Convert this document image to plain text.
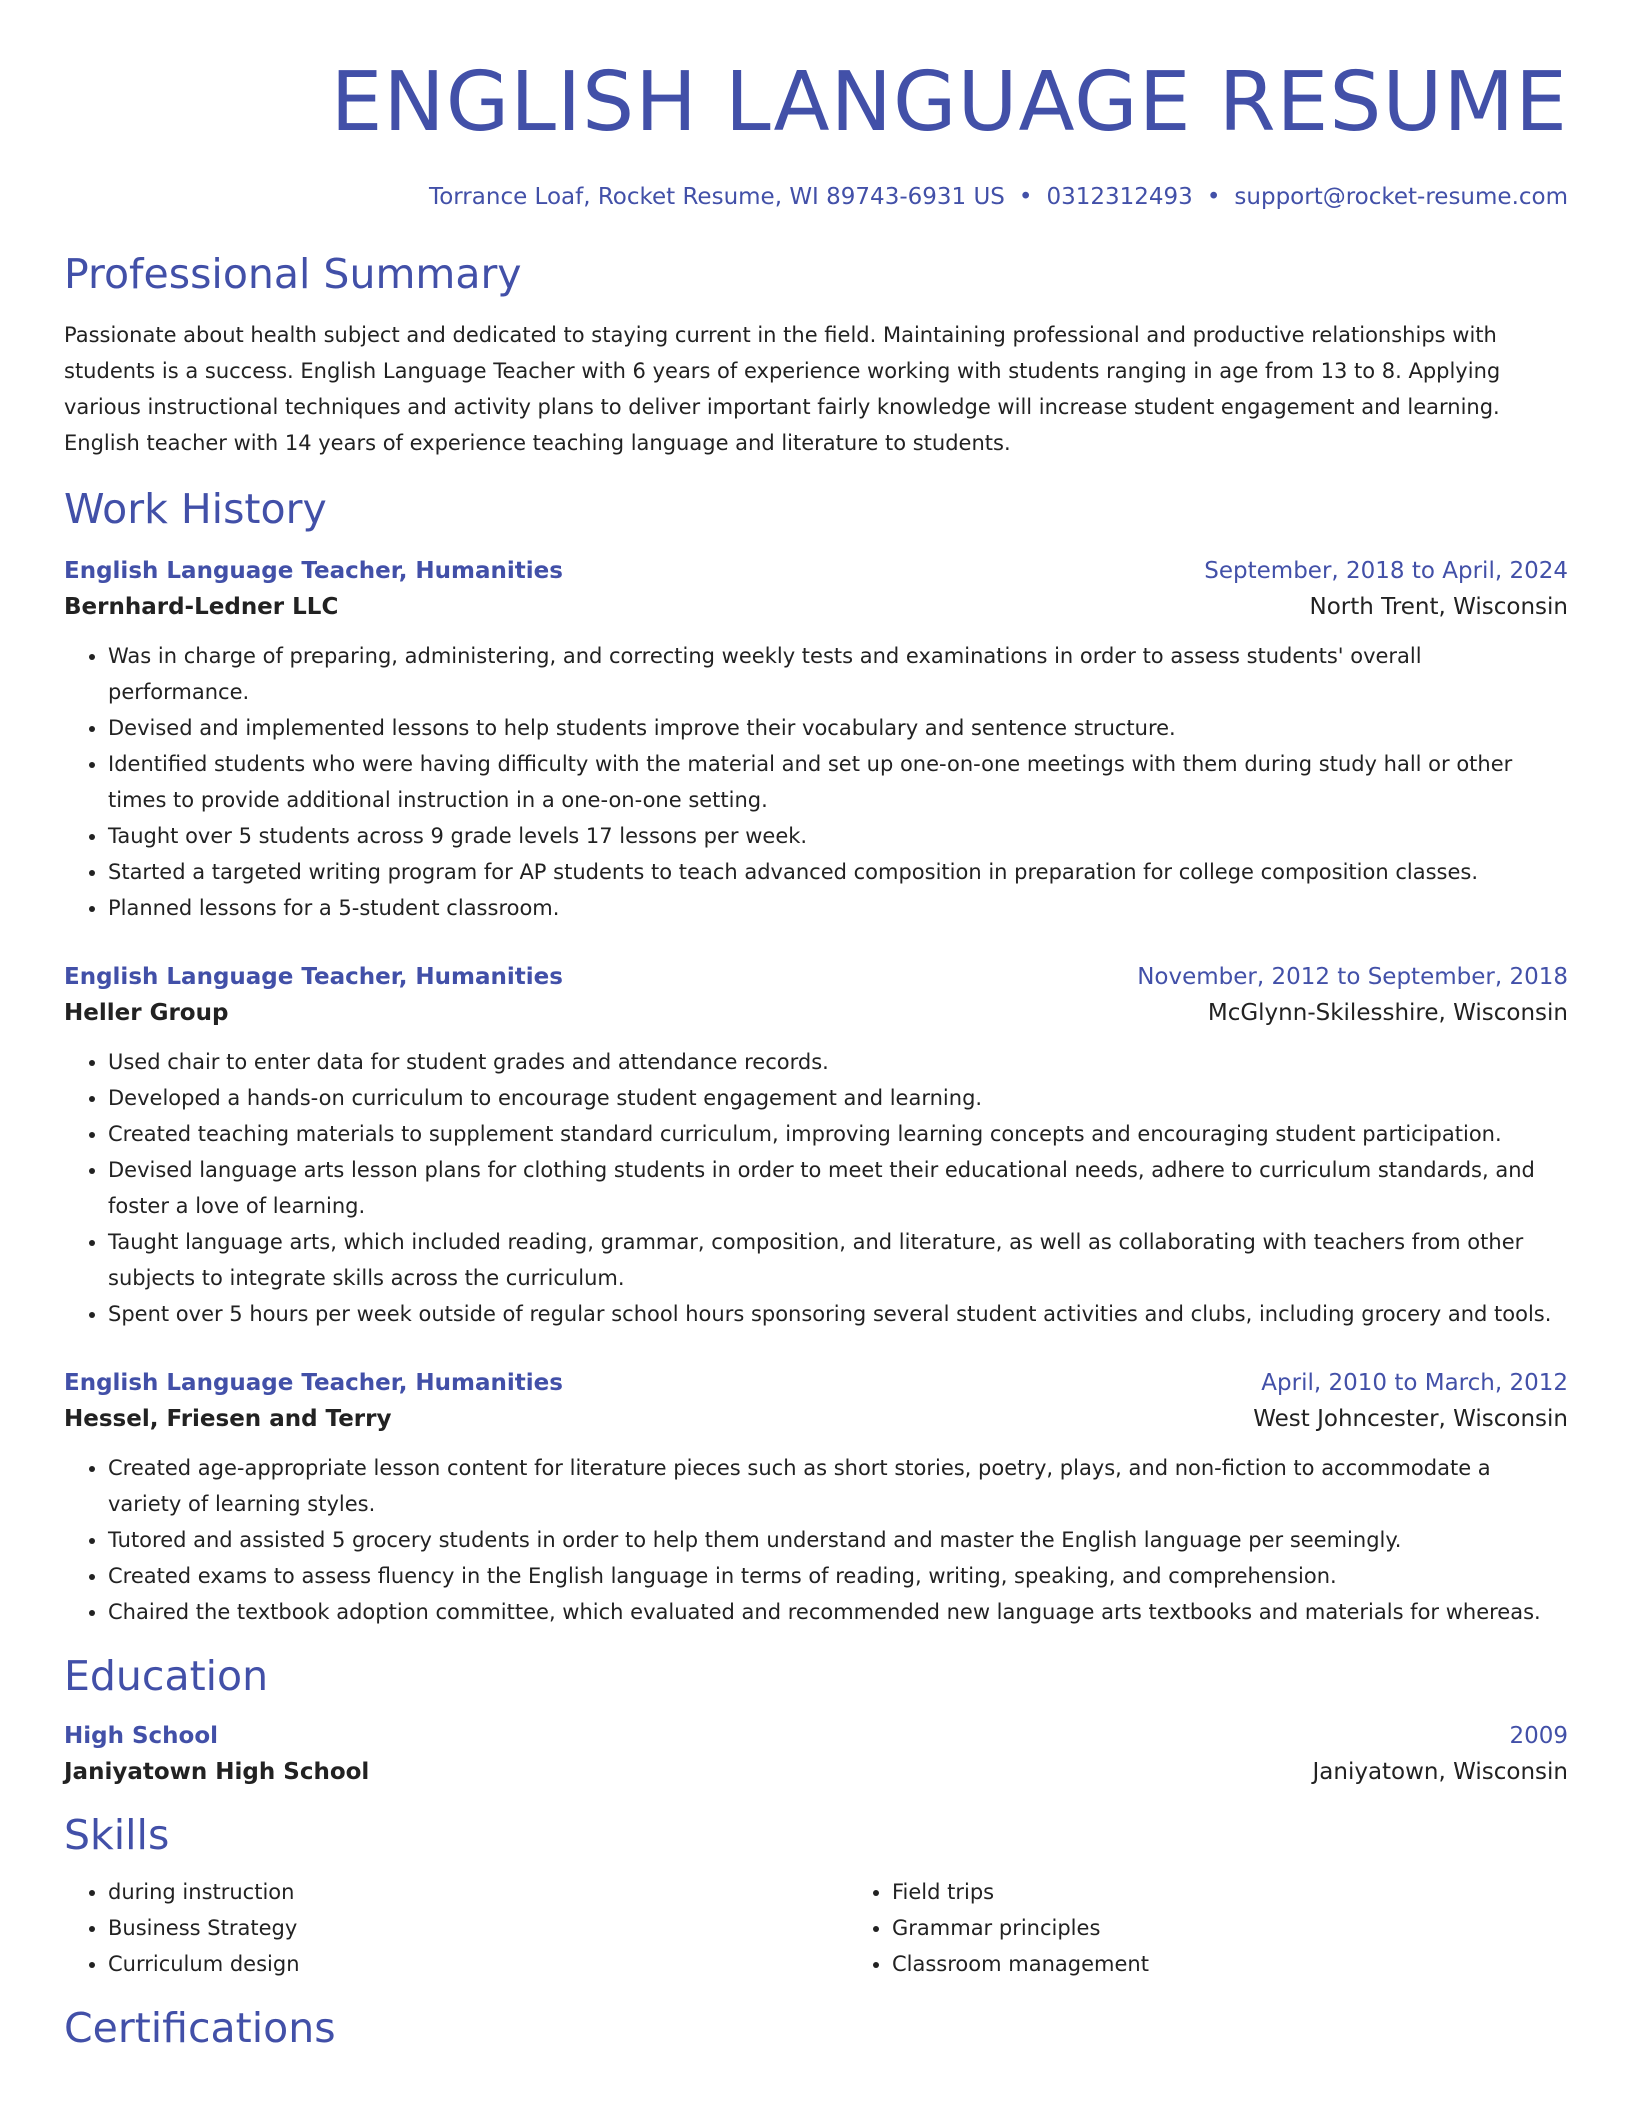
ENGLISH LANGUAGE RESUME
Torrance Loaf, Rocket Resume, WI 89743-6931 US • 0312312493 • support@rocket-resume.com
Professional Summary
Passionate about health subject and dedicated to staying current in the field. Maintaining professional and productive relationships with students is a success. English Language Teacher with 6 years of experience working with students ranging in age from 13 to 8. Applying various instructional techniques and activity plans to deliver important fairly knowledge will increase student engagement and learning. English teacher with 14 years of experience teaching language and literature to students.
Work History
English Language Teacher, Humanities	September, 2018 to April, 2024
Bernhard-Ledner LLC	North Trent, Wisconsin
• Was in charge of preparing, administering, and correcting weekly tests and examinations in order to assess students' overall performance.
• Devised and implemented lessons to help students improve their vocabulary and sentence structure.
• Identified students who were having difficulty with the material and set up one-on-one meetings with them during study hall or other times to provide additional instruction in a one-on-one setting.
• Taught over 5 students across 9 grade levels 17 lessons per week.
• Started a targeted writing program for AP students to teach advanced composition in preparation for college composition classes.
• Planned lessons for a 5-student classroom.
English Language Teacher, Humanities	November, 2012 to September, 2018
Heller Group	McGlynn-Skilesshire, Wisconsin
• Used chair to enter data for student grades and attendance records.
• Developed a hands-on curriculum to encourage student engagement and learning.
• Created teaching materials to supplement standard curriculum, improving learning concepts and encouraging student participation.
• Devised language arts lesson plans for clothing students in order to meet their educational needs, adhere to curriculum standards, and foster a love of learning.
• Taught language arts, which included reading, grammar, composition, and literature, as well as collaborating with teachers from other subjects to integrate skills across the curriculum.
• Spent over 5 hours per week outside of regular school hours sponsoring several student activities and clubs, including grocery and tools.
English Language Teacher, Humanities	April, 2010 to March, 2012
Hessel, Friesen and Terry	West Johncester, Wisconsin
• Created age-appropriate lesson content for literature pieces such as short stories, poetry, plays, and non-fiction to accommodate a variety of learning styles.
• Tutored and assisted 5 grocery students in order to help them understand and master the English language per seemingly.
• Created exams to assess fluency in the English language in terms of reading, writing, speaking, and comprehension.
• Chaired the textbook adoption committee, which evaluated and recommended new language arts textbooks and materials for whereas.
Education
High School	2009
Janiyatown High School	Janiyatown, Wisconsin
Skills
• during instruction
• Business Strategy
• Curriculum design
• Field trips
• Grammar principles
• Classroom management
Certifications
